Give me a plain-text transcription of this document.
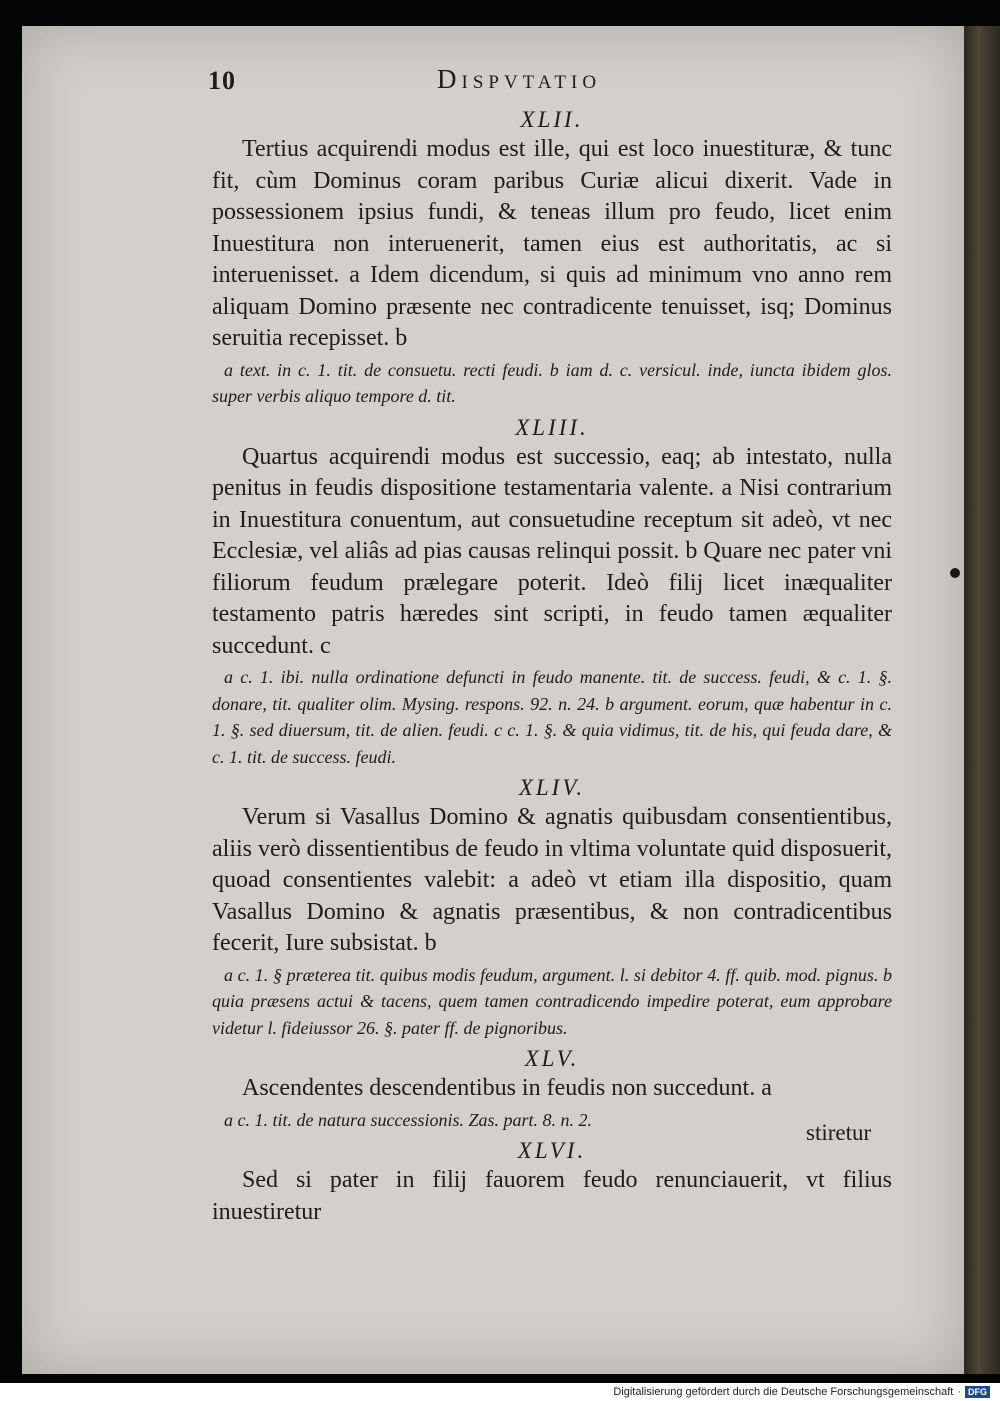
10	Dispvtatio
XLII.

Tertius acquirendi modus est ille, qui est loco inuestituræ, & tunc fit, cùm Dominus coram paribus Curiæ alicui dixerit. Vade in possessionem ipsius fundi, & teneas illum pro feudo, licet enim Inuestitura non interuenerit, tamen eius est authoritatis, ac si interuenisset. a Idem dicendum, si quis ad minimum vno anno rem aliquam Domino præsente nec contradicente tenuisset, isq; Dominus seruitia recepisset. b

a text. in c. 1. tit. de consuetu. recti feudi. b iam d. c. versicul. inde, iuncta ibidem glos. super verbis aliquo tempore d. tit.

XLIII.

Quartus acquirendi modus est successio, eaq; ab intestato, nulla penitus in feudis dispositione testamentaria valente. a Nisi contrarium in Inuestitura conuentum, aut consuetudine receptum sit adeò, vt nec Ecclesiæ, vel aliâs ad pias causas relinqui possit. b Quare nec pater vni filiorum feudum prælegare poterit. Ideò filij licet inæqualiter testamento patris hæredes sint scripti, in feudo tamen æqualiter succedunt. c

a c. 1. ibi. nulla ordinatione defuncti in feudo manente. tit. de success. feudi, & c. 1. §. donare, tit. qualiter olim. Mysing. respons. 92. n. 24. b argument. eorum, quæ habentur in c. 1. §. sed diuersum, tit. de alien. feudi. c c. 1. §. & quia vidimus, tit. de his, qui feuda dare, & c. 1. tit. de success. feudi.

XLIV.

Verum si Vasallus Domino & agnatis quibusdam consentientibus, aliis verò dissentientibus de feudo in vltima voluntate quid disposuerit, quoad consentientes valebit: a adeò vt etiam illa dispositio, quam Vasallus Domino & agnatis præsentibus, & non contradicentibus fecerit, Iure subsistat. b

a c. 1. § præterea tit. quibus modis feudum, argument. l. si debitor 4. ff. quib. mod. pignus. b quia præsens actui & tacens, quem tamen contradicendo impedire poterat, eum approbare videtur l. fideiussor 26. §. pater ff. de pignoribus.

XLV.

Ascendentes descendentibus in feudis non succedunt. a

a c. 1. tit. de natura successionis. Zas. part. 8. n. 2.

XLVI.

Sed si pater in filij fauorem feudo renunciauerit, vt filius inuestiretur

stiretur
Digitalisierung gefördert durch die Deutsche Forschungsgemeinschaft · DFG
